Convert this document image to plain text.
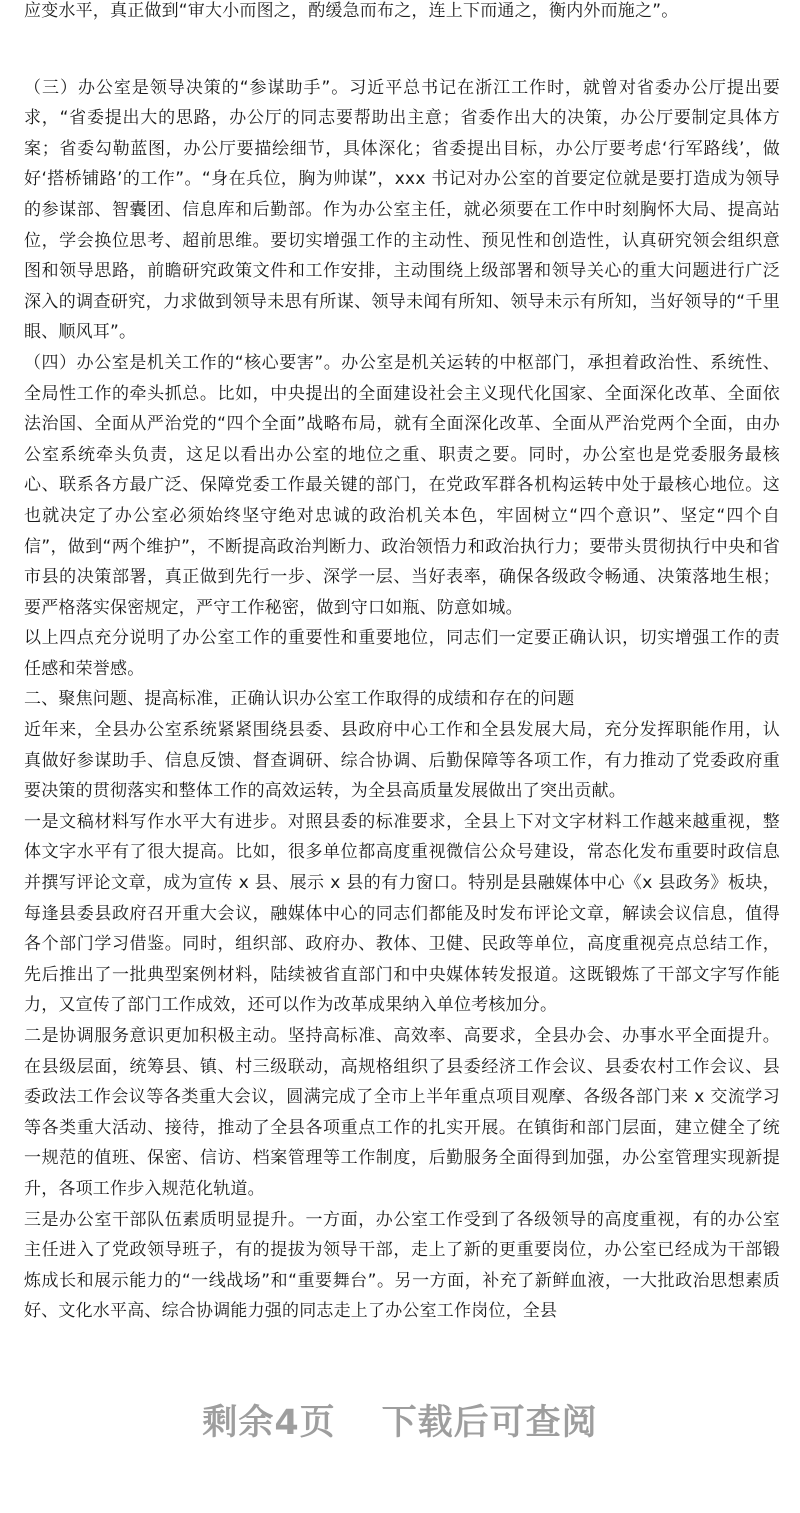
应变水平，真正做到“审大小而图之，酌缓急而布之，连上下而通之，衡内外而施之”。

（三）办公室是领导决策的“参谋助手”。习近平总书记在浙江工作时，就曾对省委办公厅提出要求，“省委提出大的思路，办公厅的同志要帮助出主意；省委作出大的决策，办公厅要制定具体方案；省委勾勒蓝图，办公厅要描绘细节，具体深化；省委提出目标，办公厅要考虑‘行军路线’，做好‘搭桥铺路’的工作”。“身在兵位，胸为帅谋”，xxx 书记对办公室的首要定位就是要打造成为领导的参谋部、智囊团、信息库和后勤部。作为办公室主任，就必须要在工作中时刻胸怀大局、提高站位，学会换位思考、超前思维。要切实增强工作的主动性、预见性和创造性，认真研究领会组织意图和领导思路，前瞻研究政策文件和工作安排，主动围绕上级部署和领导关心的重大问题进行广泛深入的调查研究，力求做到领导未思有所谋、领导未闻有所知、领导未示有所知，当好领导的“千里眼、顺风耳”。

（四）办公室是机关工作的“核心要害”。办公室是机关运转的中枢部门，承担着政治性、系统性、全局性工作的牵头抓总。比如，中央提出的全面建设社会主义现代化国家、全面深化改革、全面依法治国、全面从严治党的“四个全面”战略布局，就有全面深化改革、全面从严治党两个全面，由办公室系统牵头负责，这足以看出办公室的地位之重、职责之要。同时，办公室也是党委服务最核心、联系各方最广泛、保障党委工作最关键的部门，在党政军群各机构运转中处于最核心地位。这也就决定了办公室必须始终坚守绝对忠诚的政治机关本色，牢固树立“四个意识”、坚定“四个自信”，做到“两个维护”，不断提高政治判断力、政治领悟力和政治执行力；要带头贯彻执行中央和省市县的决策部署，真正做到先行一步、深学一层、当好表率，确保各级政令畅通、决策落地生根；要严格落实保密规定，严守工作秘密，做到守口如瓶、防意如城。

以上四点充分说明了办公室工作的重要性和重要地位，同志们一定要正确认识，切实增强工作的责任感和荣誉感。

二、聚焦问题、提高标准，正确认识办公室工作取得的成绩和存在的问题

近年来，全县办公室系统紧紧围绕县委、县政府中心工作和全县发展大局，充分发挥职能作用，认真做好参谋助手、信息反馈、督查调研、综合协调、后勤保障等各项工作，有力推动了党委政府重要决策的贯彻落实和整体工作的高效运转，为全县高质量发展做出了突出贡献。

一是文稿材料写作水平大有进步。对照县委的标准要求，全县上下对文字材料工作越来越重视，整体文字水平有了很大提高。比如，很多单位都高度重视微信公众号建设，常态化发布重要时政信息并撰写评论文章，成为宣传 x 县、展示 x 县的有力窗口。特别是县融媒体中心《x 县政务》板块，每逢县委县政府召开重大会议，融媒体中心的同志们都能及时发布评论文章，解读会议信息，值得各个部门学习借鉴。同时，组织部、政府办、教体、卫健、民政等单位，高度重视亮点总结工作，先后推出了一批典型案例材料，陆续被省直部门和中央媒体转发报道。这既锻炼了干部文字写作能力，又宣传了部门工作成效，还可以作为改革成果纳入单位考核加分。

二是协调服务意识更加积极主动。坚持高标准、高效率、高要求，全县办会、办事水平全面提升。在县级层面，统筹县、镇、村三级联动，高规格组织了县委经济工作会议、县委农村工作会议、县委政法工作会议等各类重大会议，圆满完成了全市上半年重点项目观摩、各级各部门来 x 交流学习等各类重大活动、接待，推动了全县各项重点工作的扎实开展。在镇街和部门层面，建立健全了统一规范的值班、保密、信访、档案管理等工作制度，后勤服务全面得到加强，办公室管理实现新提升，各项工作步入规范化轨道。

三是办公室干部队伍素质明显提升。一方面，办公室工作受到了各级领导的高度重视，有的办公室主任进入了党政领导班子，有的提拔为领导干部，走上了新的更重要岗位，办公室已经成为干部锻炼成长和展示能力的“一线战场”和“重要舞台”。另一方面，补充了新鲜血液，一大批政治思想素质好、文化水平高、综合协调能力强的同志走上了办公室工作岗位，全县

剩余4页 下载后可查阅
